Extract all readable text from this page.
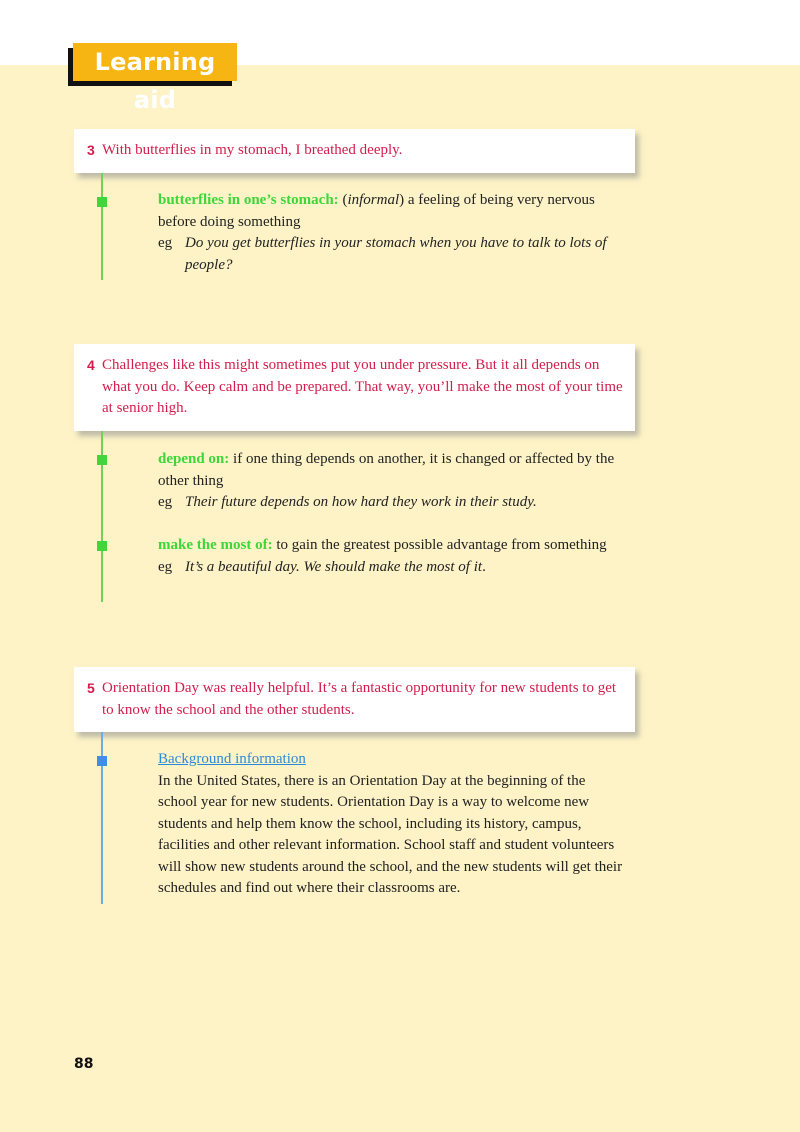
Learning aid
3 With butterflies in my stomach, I breathed deeply.
butterflies in one’s stomach: (informal) a feeling of being very nervous before doing something
eg Do you get butterflies in your stomach when you have to talk to lots of people?
4 Challenges like this might sometimes put you under pressure. But it all depends on what you do. Keep calm and be prepared. That way, you’ll make the most of your time at senior high.
depend on: if one thing depends on another, it is changed or affected by the other thing
eg Their future depends on how hard they work in their study.
make the most of: to gain the greatest possible advantage from something
eg It’s a beautiful day. We should make the most of it.
5 Orientation Day was really helpful. It’s a fantastic opportunity for new students to get to know the school and the other students.
Background information
In the United States, there is an Orientation Day at the beginning of the school year for new students. Orientation Day is a way to welcome new students and help them know the school, including its history, campus, facilities and other relevant information. School staff and student volunteers will show new students around the school, and the new students will get their schedules and find out where their classrooms are.
88
